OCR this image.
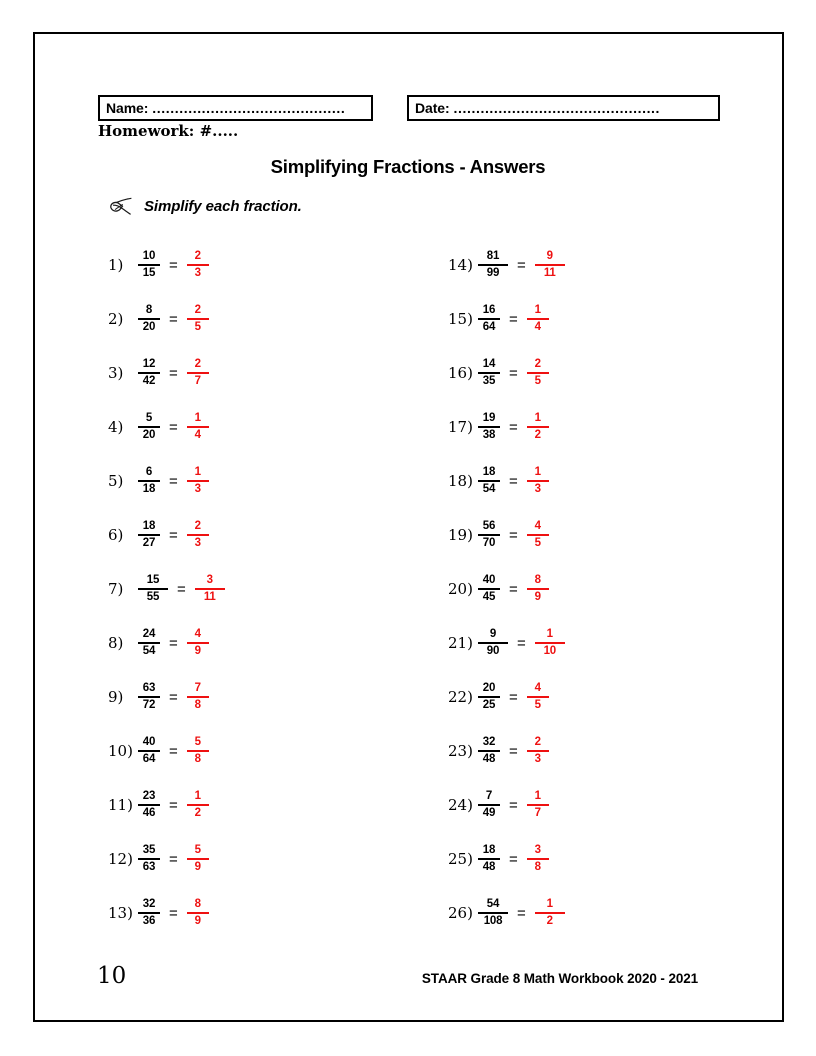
Name: ...........................................	Date: ..............................................
Homework: #.....
Simplifying Fractions - Answers
Simplify each fraction.
1)	$\frac{10}{15} = \frac{2}{3}$
2)	$\frac{8}{20} = \frac{2}{5}$
3)	$\frac{12}{42} = \frac{2}{7}$
4)	$\frac{5}{20} = \frac{1}{4}$
5)	$\frac{6}{18} = \frac{1}{3}$
6)	$\frac{18}{27} = \frac{2}{3}$
7)	$\frac{15}{55} = \frac{3}{11}$
8)	$\frac{24}{54} = \frac{4}{9}$
9)	$\frac{63}{72} = \frac{7}{8}$
$10) \frac{40}{64} = \frac{5}{8}$
$11) \frac{23}{46} = \frac{1}{2}$
$12) \frac{35}{63} = \frac{5}{9}$
$13) \frac{32}{36} = \frac{8}{9}$
$14) \frac{81}{99} = \frac{9}{11}$
$15) \frac{16}{64} = \frac{1}{4}$
$16) \frac{14}{35} = \frac{2}{5}$
$17) \frac{19}{38} = \frac{1}{2}$
$18) \frac{18}{54} = \frac{1}{3}$
$19) \frac{56}{70} = \frac{4}{5}$
$20) \frac{40}{45} = \frac{8}{9}$
$21) \frac{9}{90} = \frac{1}{10}$
$22) \frac{20}{25} = \frac{4}{5}$
$23) \frac{32}{48} = \frac{2}{3}$
$24) \frac{7}{49} = \frac{1}{7}$
$25) \frac{18}{48} = \frac{3}{8}$
$26) \frac{54}{108} = \frac{1}{2}$
10	STAAR Grade 8 Math Workbook 2020 - 2021
